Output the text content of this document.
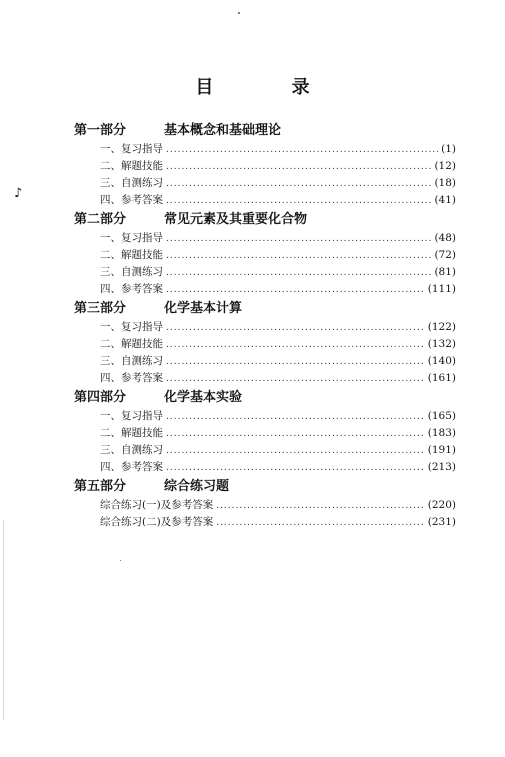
♪
目 录
第一部分	基本概念和基础理论
一、复习指导 .....	(1)
二、解题技能 .....	(12)
三、自测练习 .....	(18)
四、参考答案 .....	(41)
第二部分	常见元素及其重要化合物
一、复习指导 .....	(48)
二、解题技能 .....	(72)
三、自测练习 .....	(81)
四、参考答案 .....	(111)
第三部分	化学基本计算
一、复习指导 .....	(122)
二、解题技能 .....	(132)
三、自测练习 .....	(140)
四、参考答案 .....	(161)
第四部分	化学基本实验
一、复习指导 .....	(165)
二、解题技能 .....	(183)
三、自测练习 .....	(191)
四、参考答案 .....	(213)
第五部分	综合练习题
综合练习(一)及参考答案 .....	(220)
综合练习(二)及参考答案 .....	(231)
